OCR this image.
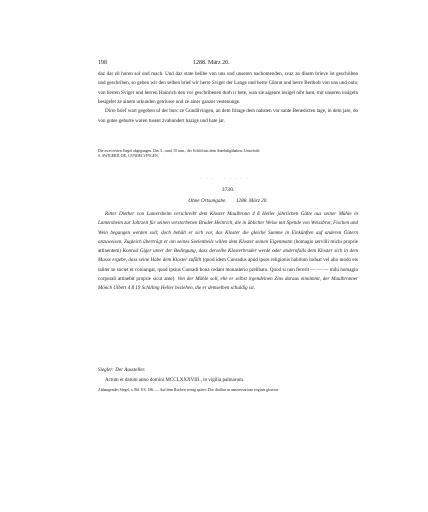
198	1288. März 20.

daz dar zů horen sol und mach. Und daz state belibe von uns und unseren nachomenden, svaz an disem brieve ist geschriben und geschriben, so geben wir den selben brief wir herre Sviger der Lange und herre Cůnrat und herre Bertholt von uns und ouhc von herren Sviger und herren Hainrich den vor geschribenen durh ir bete, wan sie aigenre insigel niht hant, mit unseren insigeln besigelet ze ainem urkunden getriuwe und ze ainer ganzer vestenunge.

Dirre brief wart gegeben uf der burc ze Gundilvingen, an dem fritage dem nahsten vor sante Benedicten tage, in dem jare, do von gotes geburte waren tusent zvahundert hazige und hate jar.

Die zwei ersten Siegel abgegangen. Das 3., rund, 55 mm., der Schild mit dem Antehrkgähaken; Umschrift:

S. SWIGERII. DE. GVNDELVINGEN.

· · · · · · · · · ·
3730.
Ohne Ortsangabe. 1288. März 20.

Ritter Diether von Lamersheim verschreibt dem Kloster Maulbronn 4 ß Heller jährlichen Gülte aus seiner Mühle in Lamersheim zur Jahrzeit für seinen verstorbenen Bruder Heinrich, die in üblicher Weise mit Spende von Weissbrot, Fischen und Wein begangen werden soll; doch behält er sich vor, das Kloster die gleiche Summe in Einkünften auf anderen Gütern anzuweisen. Zugleich überträgt er am seines Seelenheils willen dem Kloster seinen Eigenmann (homagio servilli michi proprie attinentem) Konrad Giger unter der Bedingung, dass derselbe Klosterbruder werde oder andernfalls dem Kloster sich in dem Masse ergebe, dass seine Habe dem Kloster zufällt (quod idem Cunradus apud ipsos religionis habitum induat vel alio modo eis taliter se societ et coniungat, quod ipsius Cunradi bona cedant monasterio prelibato. Quod si non fecerit — — — mihi homagio corporali attinebit proprie sicut ante). Von der Mühle soll, ehe er selbst irgendeinen Zins daraus einnimmt, der Maulbronner Mönch Ulbert 4 ß 19 Schilling Heller beziehen, die er demselben schuldig ist.

Siegler: Der Aussteller.
Actum et datum anno domini MCCLXXXVIII., in vigilia palmarum.

Abhangendes Siegel, s. Bd. 8 S. 186. — Auf dem Rücken wenig später: Doc dialitur in anniversarium virginis gloriose.
